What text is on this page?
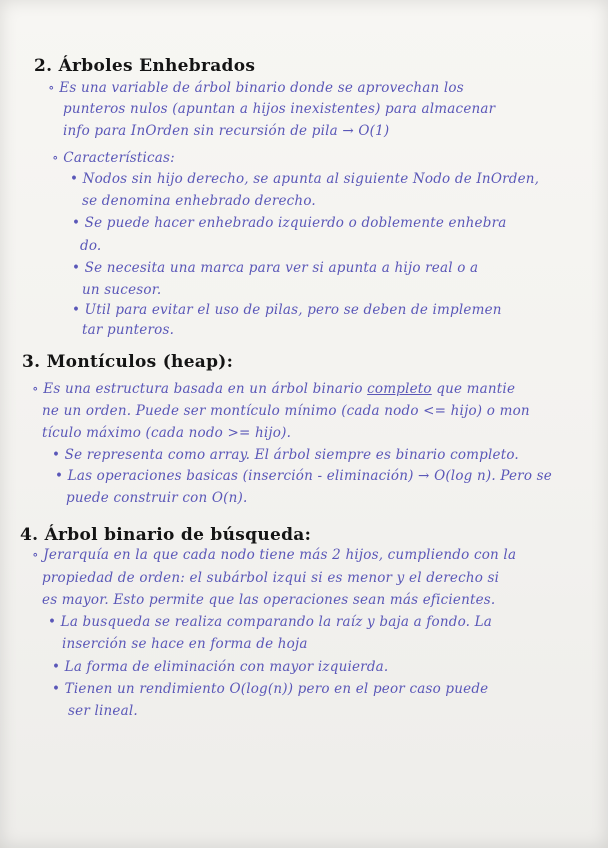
2. Árboles Enhebrados
∘ Es una variable de árbol binario donde se aprovechan los
punteros nulos (apuntan a hijos inexistentes) para almacenar
info para InOrden sin recursión de pila → O(1)
∘ Características:
• Nodos sin hijo derecho, se apunta al siguiente Nodo de InOrden,
se denomina enhebrado derecho.
• Se puede hacer enhebrado izquierdo o doblemente enhebra
do.
• Se necesita una marca para ver si apunta a hijo real o a
un sucesor.
• Util para evitar el uso de pilas, pero se deben de implemen
tar punteros.
3. Montículos (heap):
∘ Es una estructura basada en un árbol binario completo que mantie
ne un orden. Puede ser montículo mínimo (cada nodo <= hijo) o mon
tículo máximo (cada nodo >= hijo).
• Se representa como array. El árbol siempre es binario completo.
• Las operaciones basicas (inserción - eliminación) → O(log n). Pero se
puede construir con O(n).
4. Árbol binario de búsqueda:
∘ Jerarquía en la que cada nodo tiene más 2 hijos, cumpliendo con la
propiedad de orden: el subárbol izqui si es menor y el derecho si
es mayor. Esto permite que las operaciones sean más eficientes.
• La busqueda se realiza comparando la raíz y baja a fondo. La
inserción se hace en forma de hoja
• La forma de eliminación con mayor izquierda.
• Tienen un rendimiento O(log(n)) pero en el peor caso puede
ser lineal.
